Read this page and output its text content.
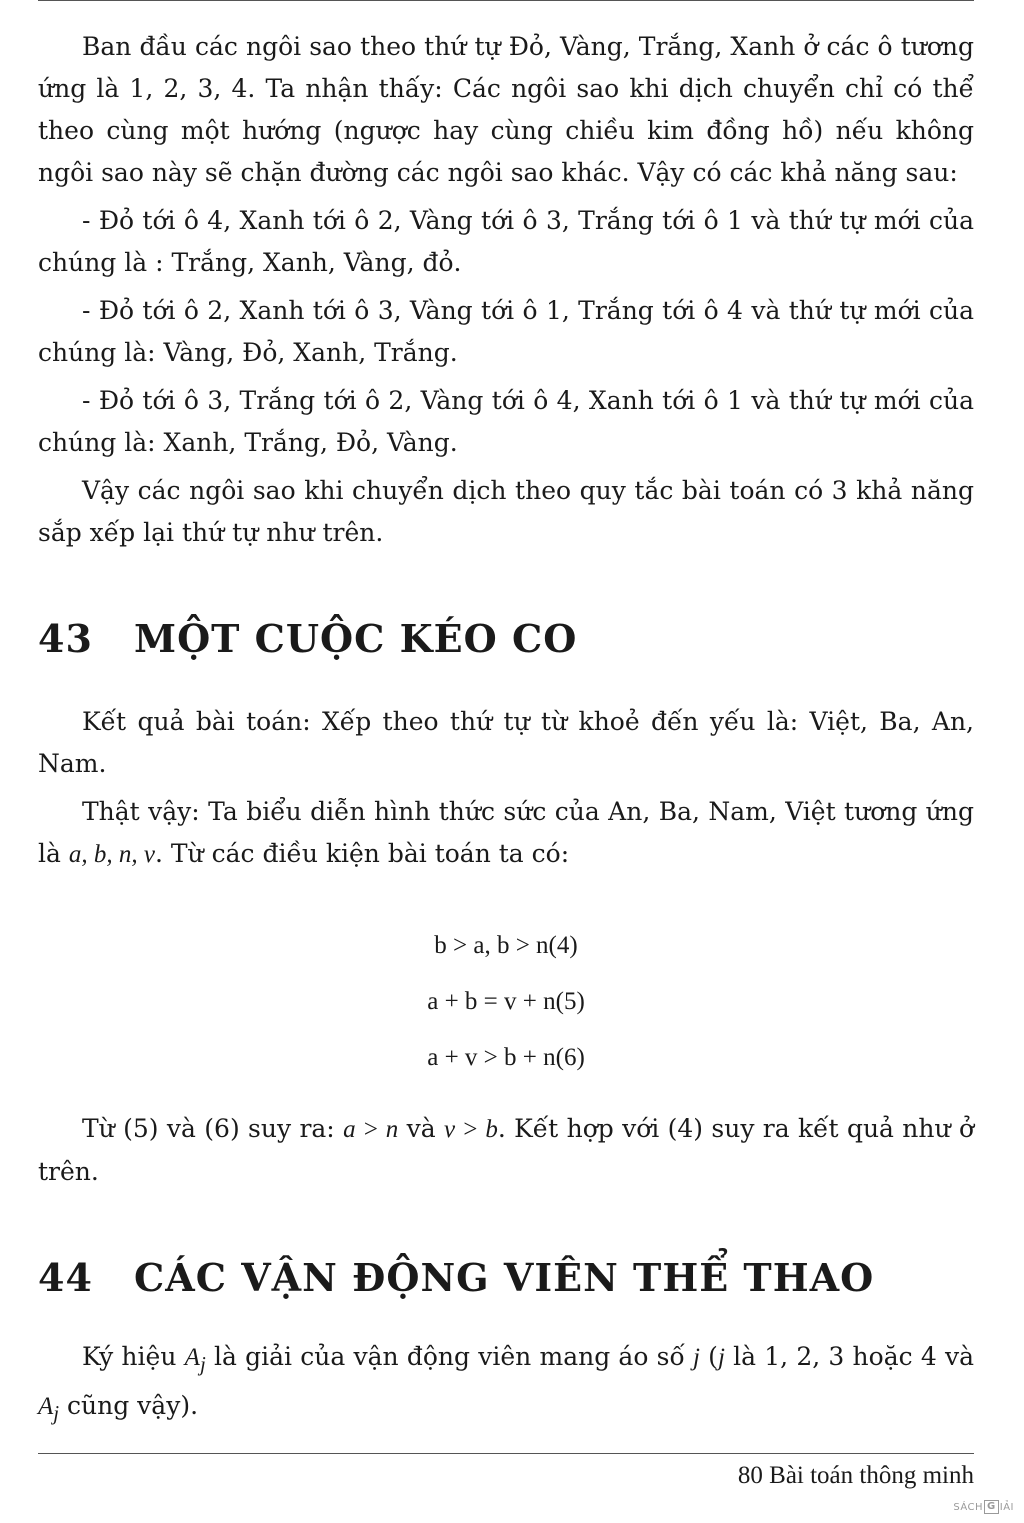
Ban đầu các ngôi sao theo thứ tự Đỏ, Vàng, Trắng, Xanh ở các ô tương ứng là 1, 2, 3, 4. Ta nhận thấy: Các ngôi sao khi dịch chuyển chỉ có thể theo cùng một hướng (ngược hay cùng chiều kim đồng hồ) nếu không ngôi sao này sẽ chặn đường các ngôi sao khác. Vậy có các khả năng sau:

- Đỏ tới ô 4, Xanh tới ô 2, Vàng tới ô 3, Trắng tới ô 1 và thứ tự mới của chúng là : Trắng, Xanh, Vàng, đỏ.

- Đỏ tới ô 2, Xanh tới ô 3, Vàng tới ô 1, Trắng tới ô 4 và thứ tự mới của chúng là: Vàng, Đỏ, Xanh, Trắng.

- Đỏ tới ô 3, Trắng tới ô 2, Vàng tới ô 4, Xanh tới ô 1 và thứ tự mới của chúng là: Xanh, Trắng, Đỏ, Vàng.

Vậy các ngôi sao khi chuyển dịch theo quy tắc bài toán có 3 khả năng sắp xếp lại thứ tự như trên.

43	MỘT CUỘC KÉO CO

Kết quả bài toán: Xếp theo thứ tự từ khoẻ đến yếu là: Việt, Ba, An, Nam.

Thật vậy: Ta biểu diễn hình thức sức của An, Ba, Nam, Việt tương ứng là a, b, n, v. Từ các điều kiện bài toán ta có:

b > a, b > n(4)
a + b = v + n(5)
a + v > b + n(6)

Từ (5) và (6) suy ra: a > n và v > b. Kết hợp với (4) suy ra kết quả như ở trên.

44	CÁC VẬN ĐỘNG VIÊN THỂ THAO

Ký hiệu $A_j$ là giải của vận động viên mang áo số j (j là 1, 2, 3 hoặc 4 và $A_j$ cũng vậy).

80 Bài toán thông minh
SÁCH G IẢI
